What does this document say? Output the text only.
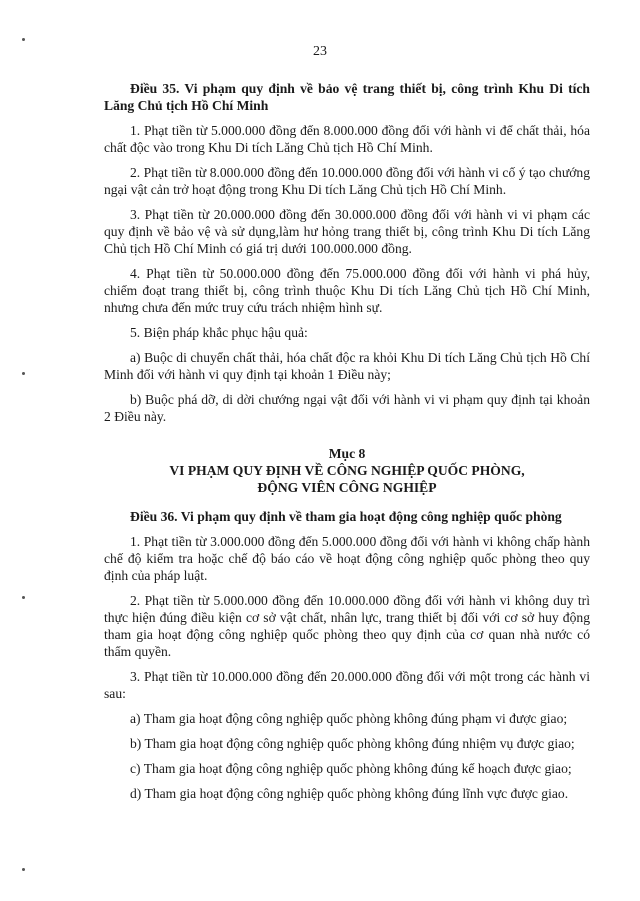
23

Điều 35. Vi phạm quy định về bảo vệ trang thiết bị, công trình Khu Di tích Lăng Chủ tịch Hồ Chí Minh

1. Phạt tiền từ 5.000.000 đồng đến 8.000.000 đồng đối với hành vi để chất thải, hóa chất độc vào trong Khu Di tích Lăng Chủ tịch Hồ Chí Minh.

2. Phạt tiền từ 8.000.000 đồng đến 10.000.000 đồng đối với hành vi cố ý tạo chướng ngại vật cản trở hoạt động trong Khu Di tích Lăng Chủ tịch Hồ Chí Minh.

3. Phạt tiền từ 20.000.000 đồng đến 30.000.000 đồng đối với hành vi vi phạm các quy định về bảo vệ và sử dụng,làm hư hỏng trang thiết bị, công trình Khu Di tích Lăng Chủ tịch Hồ Chí Minh có giá trị dưới 100.000.000 đồng.

4. Phạt tiền từ 50.000.000 đồng đến 75.000.000 đồng đối với hành vi phá hủy, chiếm đoạt trang thiết bị, công trình thuộc Khu Di tích Lăng Chủ tịch Hồ Chí Minh, nhưng chưa đến mức truy cứu trách nhiệm hình sự.

5. Biện pháp khắc phục hậu quả:

a) Buộc di chuyển chất thải, hóa chất độc ra khỏi Khu Di tích Lăng Chủ tịch Hồ Chí Minh đối với hành vi quy định tại khoản 1 Điều này;

b) Buộc phá dỡ, di dời chướng ngại vật đối với hành vi vi phạm quy định tại khoản 2 Điều này.

Mục 8
VI PHẠM QUY ĐỊNH VỀ CÔNG NGHIỆP QUỐC PHÒNG,
ĐỘNG VIÊN CÔNG NGHIỆP

Điều 36. Vi phạm quy định về tham gia hoạt động công nghiệp quốc phòng

1. Phạt tiền từ 3.000.000 đồng đến 5.000.000 đồng đối với hành vi không chấp hành chế độ kiểm tra hoặc chế độ báo cáo về hoạt động công nghiệp quốc phòng theo quy định của pháp luật.

2. Phạt tiền từ 5.000.000 đồng đến 10.000.000 đồng đối với hành vi không duy trì thực hiện đúng điều kiện cơ sở vật chất, nhân lực, trang thiết bị đối với cơ sở huy động tham gia hoạt động công nghiệp quốc phòng theo quy định của cơ quan nhà nước có thẩm quyền.

3. Phạt tiền từ 10.000.000 đồng đến 20.000.000 đồng đối với một trong các hành vi sau:

a) Tham gia hoạt động công nghiệp quốc phòng không đúng phạm vi được giao;

b) Tham gia hoạt động công nghiệp quốc phòng không đúng nhiệm vụ được giao;

c) Tham gia hoạt động công nghiệp quốc phòng không đúng kế hoạch được giao;

d) Tham gia hoạt động công nghiệp quốc phòng không đúng lĩnh vực được giao.
